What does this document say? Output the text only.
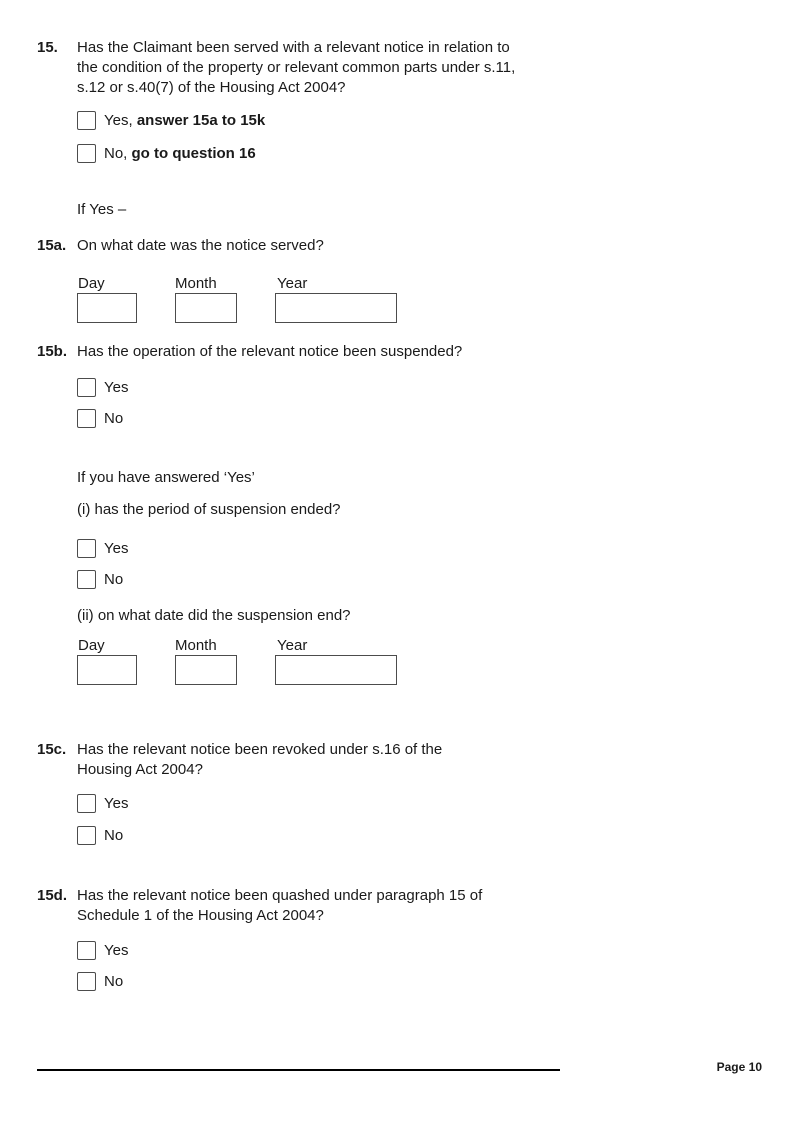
15.	Has the Claimant been served with a relevant notice in relation to
the condition of the property or relevant common parts under s.11,
s.12 or s.40(7) of the Housing Act 2004?
Yes, answer 15a to 15k
No, go to question 16
If Yes –
15a. On what date was the notice served?
Day	Month	Year
15b. Has the operation of the relevant notice been suspended?
Yes
No
If you have answered ‘Yes’
(i) has the period of suspension ended?
Yes
No
(ii) on what date did the suspension end?
Day	Month	Year
15c. Has the relevant notice been revoked under s.16 of the
Housing Act 2004?
Yes
No
15d. Has the relevant notice been quashed under paragraph 15 of
Schedule 1 of the Housing Act 2004?
Yes
No
Page 10
